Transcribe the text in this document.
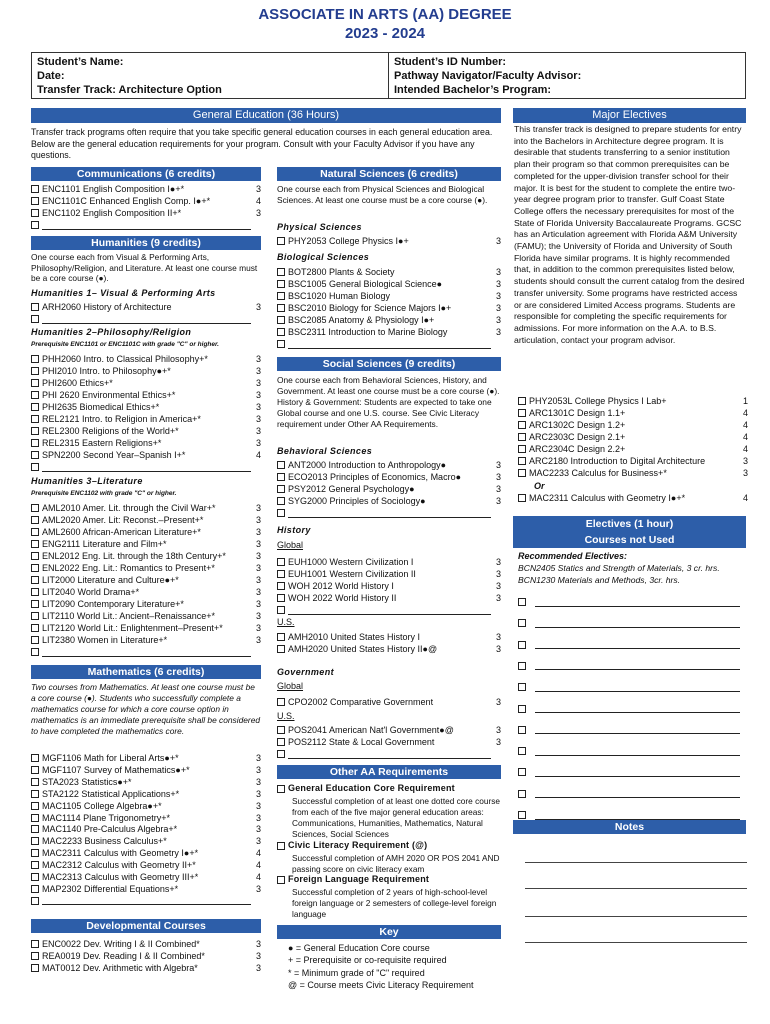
ASSOCIATE IN ARTS (AA) DEGREE
2023 - 2024
Student’s Name:
Date:
Transfer Track: Architecture Option
Student’s ID Number:
Pathway Navigator/Faculty Advisor:
Intended Bachelor’s Program:
General Education (36 Hours)
Transfer track programs often require that you take specific general education courses in each general education area. Below are the general education requirements for your program. Consult with your Faculty Advisor if you have any questions.
Communications (6 credits)
ENC1101 English Composition I●+*	3
ENC1101C Enhanced English Comp. I●+*	4
ENC1102 English Composition II+*	3
Humanities (9 credits)
One course each from Visual & Performing Arts, Philosophy/Religion, and Literature. At least one course must be a core course (●).
Humanities 1– Visual & Performing Arts
ARH2060 History of Architecture	3
Humanities 2–Philosophy/Religion
Prerequisite ENC1101 or ENC1101C with grade "C" or higher.
PHH2060 Intro. to Classical Philosophy+*	3
PHI2010 Intro. to Philosophy●+*	3
PHI2600 Ethics+*	3
PHI 2620 Environmental Ethics+*	3
PHI2635 Biomedical Ethics+*	3
REL2121 Intro. to Religion in America+*	3
REL2300 Religions of the World+*	3
REL2315 Eastern Religions+*	3
SPN2200 Second Year–Spanish I+*	4
Humanities 3–Literature
Prerequisite ENC1102 with grade "C" or higher.
AML2010 Amer. Lit. through the Civil War+*	3
AML2020 Amer. Lit: Reconst.–Present+*	3
AML2600 African-American Literature+*	3
ENG2111 Literature and Film+*	3
ENL2012 Eng. Lit. through the 18th Century+*	3
ENL2022 Eng. Lit.: Romantics to Present+*	3
LIT2000 Literature and Culture●+*	3
LIT2040 World Drama+*	3
LIT2090 Contemporary Literature+*	3
LIT2110 World Lit.: Ancient–Renaissance+*	3
LIT2120 World Lit.: Enlightenment–Present+*	3
LIT2380 Women in Literature+*	3
Mathematics (6 credits)
Two courses from Mathematics. At least one course must be a core course (●). Students who successfully complete a mathematics course for which a core course option in mathematics is an immediate prerequisite shall be considered to have completed the mathematics core.
MGF1106 Math for Liberal Arts●+*	3
MGF1107 Survey of Mathematics●+*	3
STA2023 Statistics●+*	3
STA2122 Statistical Applications+*	3
MAC1105 College Algebra●+*	3
MAC1114 Plane Trigonometry+*	3
MAC1140 Pre-Calculus Algebra+*	3
MAC2233 Business Calculus+*	3
MAC2311 Calculus with Geometry I●+*	4
MAC2312 Calculus with Geometry II+*	4
MAC2313 Calculus with Geometry III+*	4
MAP2302 Differential Equations+*	3
Developmental Courses
ENC0022 Dev. Writing I & II Combined*	3
REA0019 Dev. Reading I & II Combined*	3
MAT0012 Dev. Arithmetic with Algebra*	3
Natural Sciences (6 credits)
One course each from Physical Sciences and Biological Sciences. At least one course must be a core course (●).
Physical Sciences
PHY2053 College Physics I●+	3
Biological Sciences
BOT2800 Plants & Society	3
BSC1005 General Biological Science●	3
BSC1020 Human Biology	3
BSC2010 Biology for Science Majors I●+	3
BSC2085 Anatomy & Physiology I●+	3
BSC2311 Introduction to Marine Biology	3
Social Sciences (9 credits)
One course each from Behavioral Sciences, History, and Government. At least one course must be a core course (●). History & Government: Students are expected to take one Global course and one U.S. course. See Civic Literacy requirement under Other AA Requirements.
Behavioral Sciences
ANT2000 Introduction to Anthropology●	3
ECO2013 Principles of Economics, Macro●	3
PSY2012 General Psychology●	3
SYG2000 Principles of Sociology●	3
History
Global
EUH1000 Western Civilization I	3
EUH1001 Western Civilization II	3
WOH 2012 World History I	3
WOH 2022 World History II	3
U.S.
AMH2010 United States History I	3
AMH2020 United States History II●@	3
Government
Global
CPO2002 Comparative Government	3
U.S.
POS2041 American Nat'l Government●@	3
POS2112 State & Local Government	3
Other AA Requirements
General Education Core Requirement
Successful completion of at least one dotted core course from each of the five major general education areas: Communications, Humanities, Mathematics, Natural Sciences, Social Sciences
Civic Literacy Requirement (@)
Successful completion of AMH 2020 OR POS 2041 AND passing score on civic literacy exam
Foreign Language Requirement
Successful completion of 2 years of high-school-level foreign language or 2 semesters of college-level foreign language
Key
● = General Education Core course
+ = Prerequisite or co-requisite required
* = Minimum grade of "C" required
@ = Course meets Civic Literacy Requirement
Major Electives
This transfer track is designed to prepare students for entry into the Bachelors in Architecture degree program. It is desirable that students transferring to a senior institution plan their program so that common prerequisites can be completed for the upper-division transfer school for their major. It is best for the student to complete the entire two-year degree program prior to transfer. Gulf Coast State College offers the necessary prerequisites for most of the State of Florida University Baccalaureate Programs. GCSC has an Articulation agreement with Florida A&M University (FAMU); the University of Florida and University of South Florida have similar programs. It is highly recommended that, in addition to the common prerequisites listed below, students should consult the current catalog from the desired transfer university. Some programs have restricted access or are considered Limited Access programs. Students are responsible for completing the specific requirements for admissions. For more information on the A.A. to B.S. articulation, contact your program advisor.
PHY2053L College Physics I Lab+	1
ARC1301C Design 1.1+	4
ARC1302C Design 1.2+	4
ARC2303C Design 2.1+	4
ARC2304C Design 2.2+	4
ARC2180 Introduction to Digital Architecture	3
MAC2233 Calculus for Business+*	3
Or
MAC2311 Calculus with Geometry I●+*	4
Electives (1 hour)
Courses not Used
Recommended Electives:
BCN2405 Statics and Strength of Materials, 3 cr. hrs.
BCN1230 Materials and Methods, 3cr. hrs.
Notes
